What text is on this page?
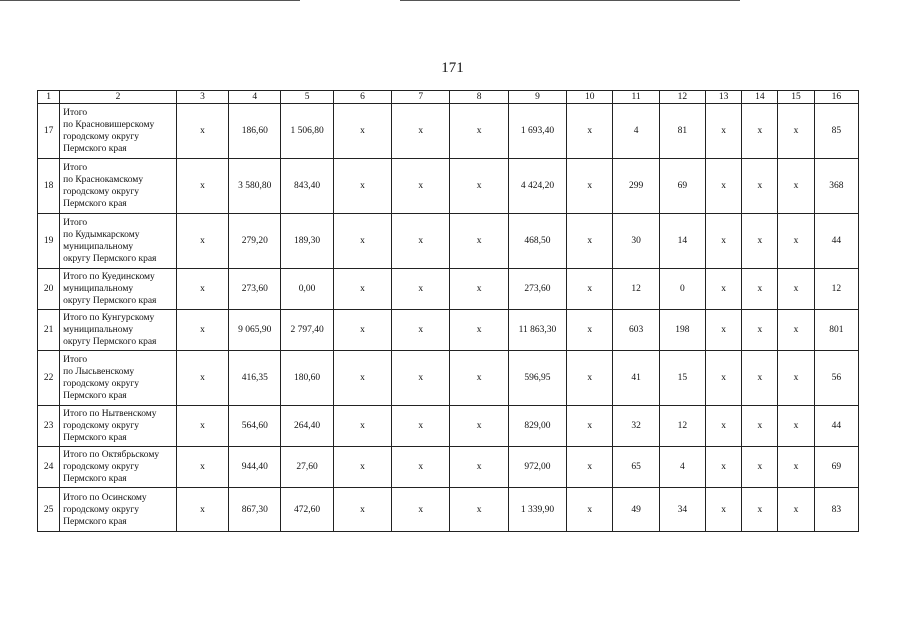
171
1	2	3	4	5	6	7	8	9	10	11	12	13	14	15	16
17	Итого
по Красновишерскому
городскому округу
Пермского края	х	186,60	1 506,80	х	х	х	1 693,40	х	4	81	х	х	х	85
18	Итого
по Краснокамскому
городскому округу
Пермского края	х	3 580,80	843,40	х	х	х	4 424,20	х	299	69	х	х	х	368
19	Итого
по Кудымкарскому
муниципальному
округу Пермского края	х	279,20	189,30	х	х	х	468,50	х	30	14	х	х	х	44
20	Итого по Куединскому
муниципальному
округу Пермского края	х	273,60	0,00	х	х	х	273,60	х	12	0	х	х	х	12
21	Итого по Кунгурскому
муниципальному
округу Пермского края	х	9 065,90	2 797,40	х	х	х	11 863,30	х	603	198	х	х	х	801
22	Итого
по Лысьвенскому
городскому округу
Пермского края	х	416,35	180,60	х	х	х	596,95	х	41	15	х	х	х	56
23	Итого по Нытвенскому
городскому округу
Пермского края	х	564,60	264,40	х	х	х	829,00	х	32	12	х	х	х	44
24	Итого по Октябрьскому
городскому округу
Пермского края	х	944,40	27,60	х	х	х	972,00	х	65	4	х	х	х	69
25	Итого по Осинскому
городскому округу
Пермского края	х	867,30	472,60	х	х	х	1 339,90	х	49	34	х	х	х	83
